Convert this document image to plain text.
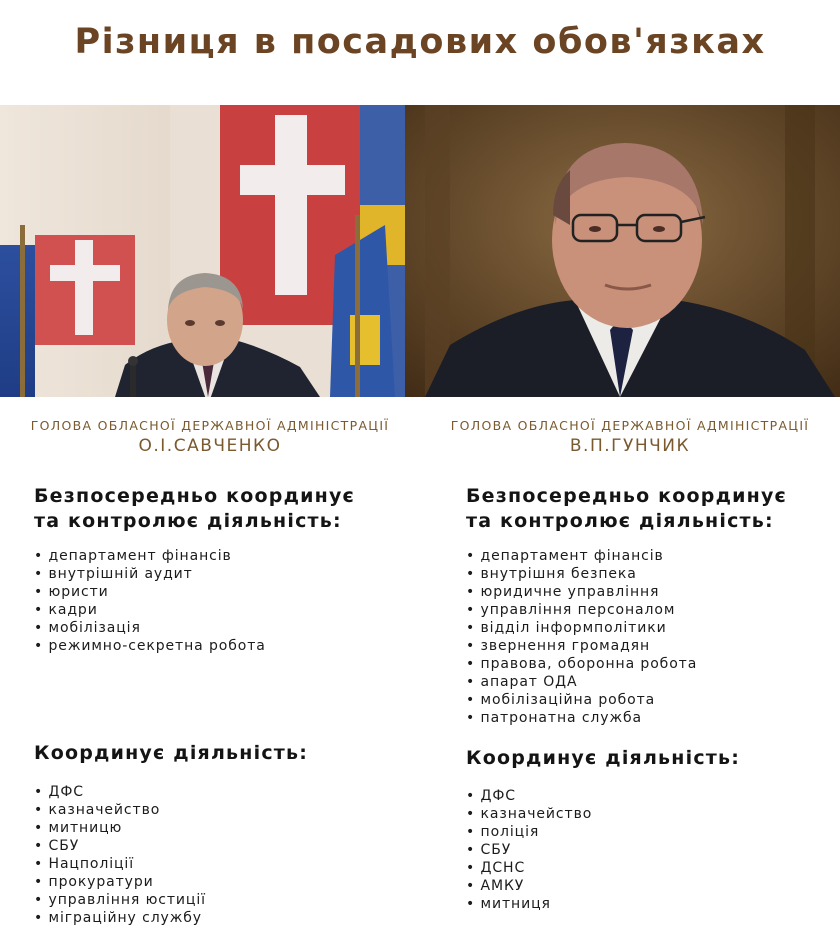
Різниця в посадових обов'язках
ГОЛОВА ОБЛАСНОЇ ДЕРЖАВНОЇ АДМІНІСТРАЦІЇ
О.І.САВЧЕНКО
ГОЛОВА ОБЛАСНОЇ ДЕРЖАВНОЇ АДМІНІСТРАЦІЇ
В.П.ГУНЧИК
Безпосередньо координує
та контролює діяльність:
• департамент фінансів
• внутрішній аудит
• юристи
• кадри
• мобілізація
• режимно-секретна робота
Координує діяльність:
• ДФС
• казначейство
• митницю
• СБУ
• Нацполіції
• прокуратури
• управління юстиції
• міграційну службу
Безпосередньо координує
та контролює діяльність:
• департамент фінансів
• внутрішня безпека
• юридичне управління
• управління персоналом
• відділ інформполітики
• звернення громадян
• правова, оборонна робота
• апарат ОДА
• мобілізаційна робота
• патронатна служба
Координує діяльність:
• ДФС
• казначейство
• поліція
• СБУ
• ДСНС
• АМКУ
• митниця
